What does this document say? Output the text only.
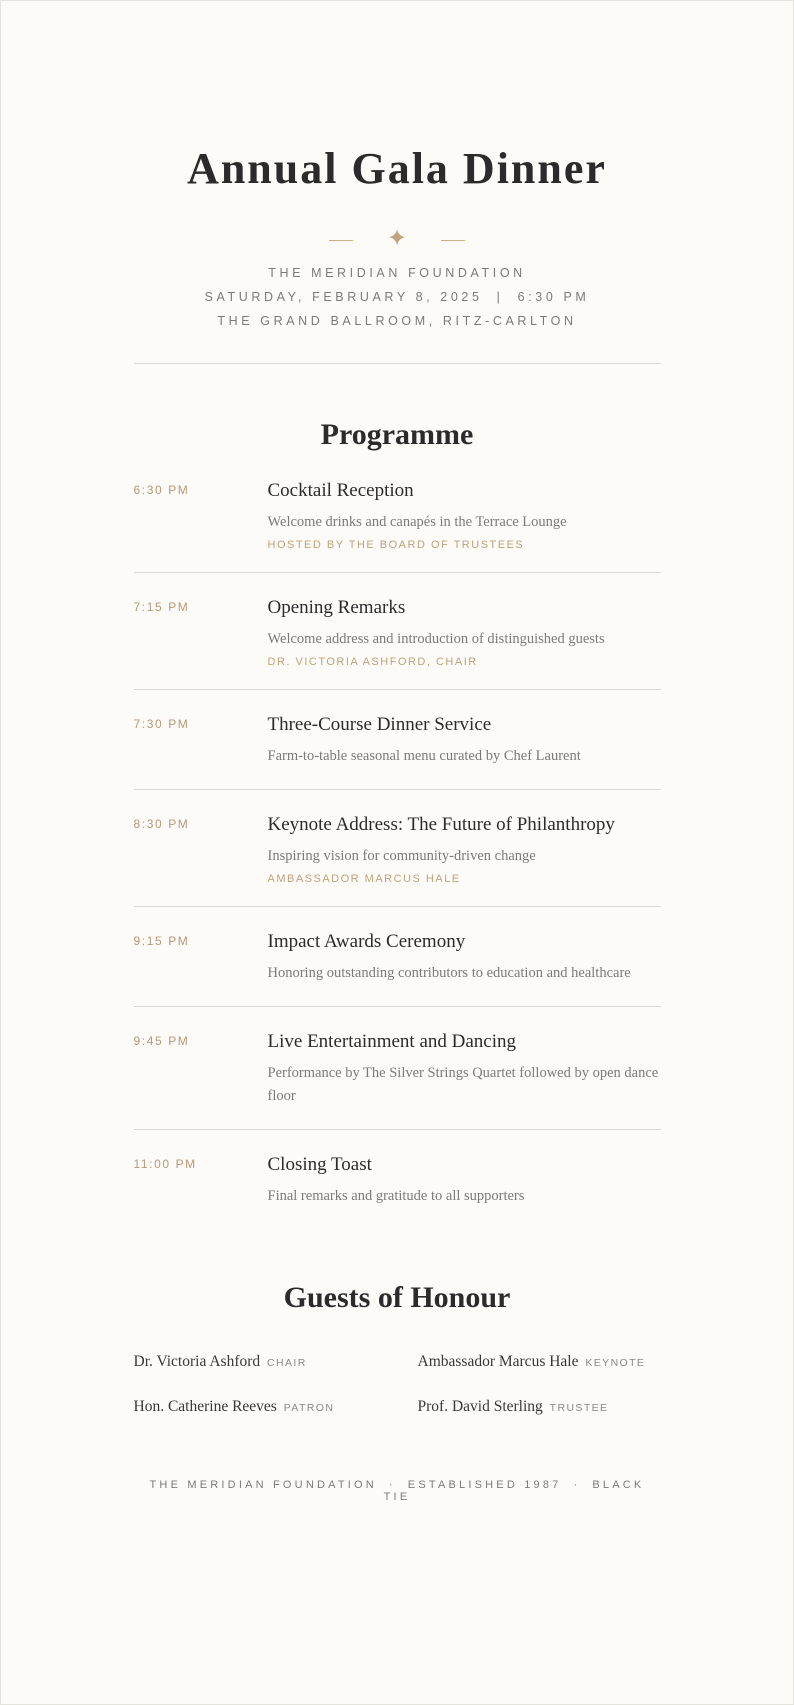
Annual Gala Dinner
✦
THE MERIDIAN FOUNDATION
SATURDAY, FEBRUARY 8, 2025  |  6:30 PM
THE GRAND BALLROOM, RITZ-CARLTON
Programme
6:30 PM	Cocktail Reception
Welcome drinks and canapés in the Terrace Lounge
HOSTED BY THE BOARD OF TRUSTEES
7:15 PM	Opening Remarks
Welcome address and introduction of distinguished guests
DR. VICTORIA ASHFORD, CHAIR
7:30 PM	Three-Course Dinner Service
Farm-to-table seasonal menu curated by Chef Laurent
8:30 PM	Keynote Address: The Future of Philanthropy
Inspiring vision for community-driven change
AMBASSADOR MARCUS HALE
9:15 PM	Impact Awards Ceremony
Honoring outstanding contributors to education and healthcare
9:45 PM	Live Entertainment and Dancing
Performance by The Silver Strings Quartet followed by open dance floor
11:00 PM	Closing Toast
Final remarks and gratitude to all supporters
Guests of Honour
Dr. Victoria Ashford CHAIR	Ambassador Marcus Hale KEYNOTE
Hon. Catherine Reeves PATRON	Prof. David Sterling TRUSTEE
THE MERIDIAN FOUNDATION · ESTABLISHED 1987 · BLACK TIE
